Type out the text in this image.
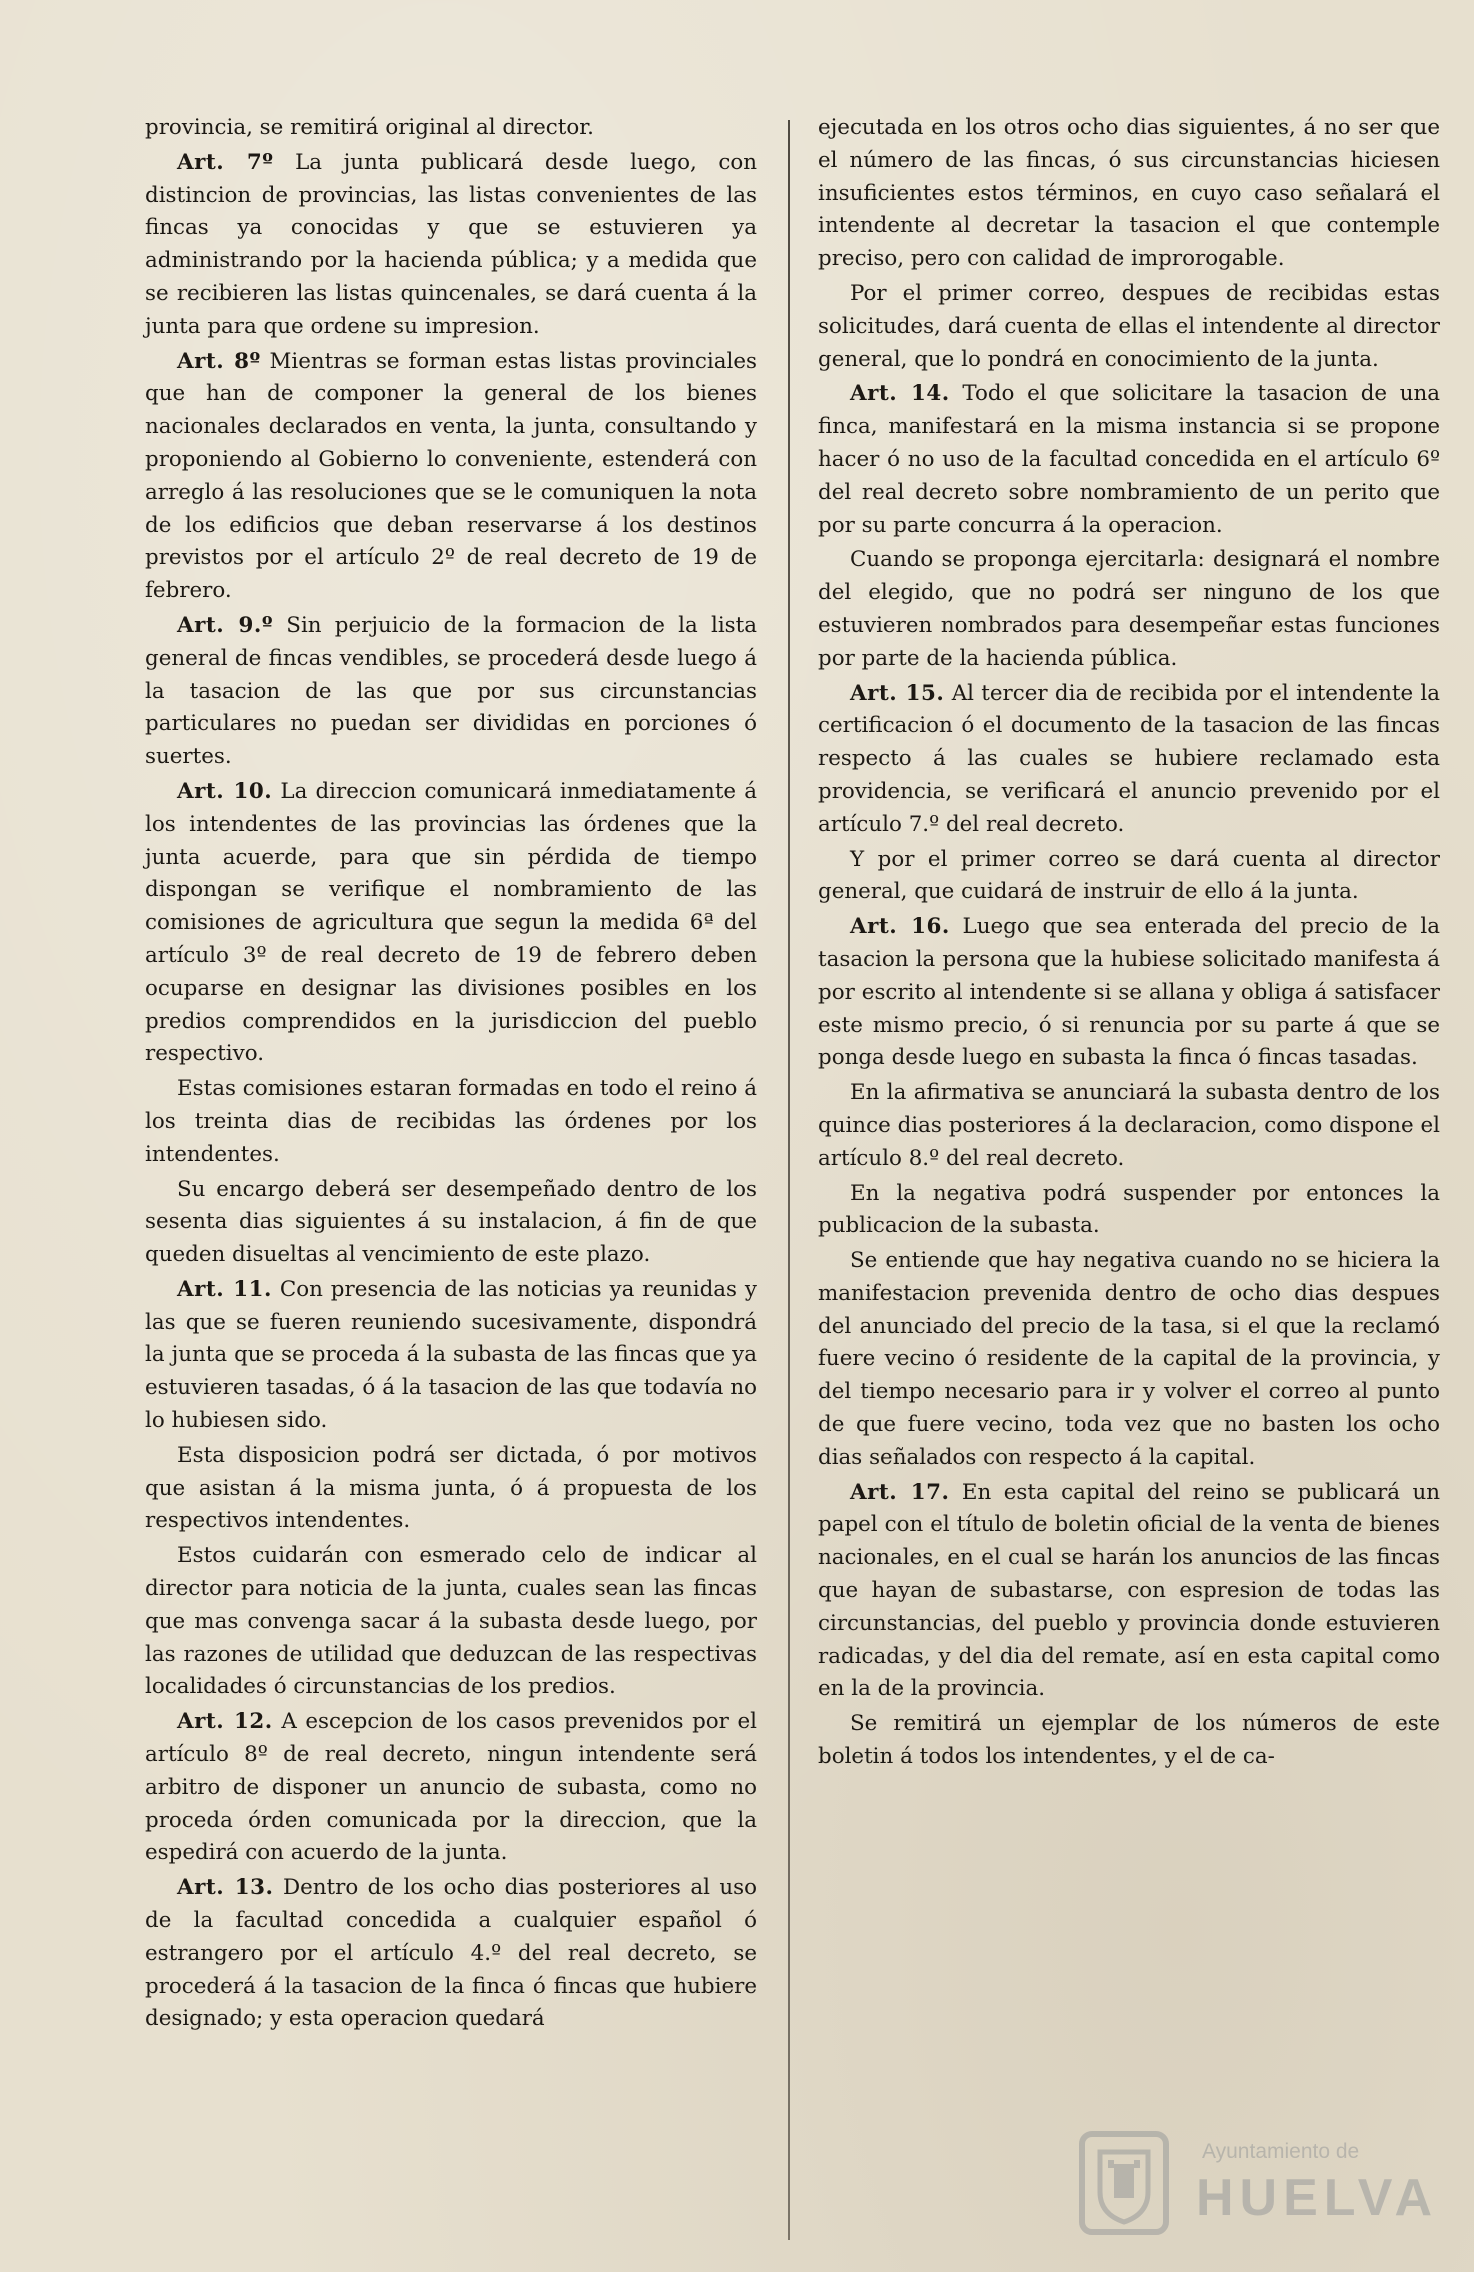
provincia, se remitirá original al director.

Art. 7º La junta publicará desde luego, con distincion de provincias, las listas convenientes de las fincas ya conocidas y que se estuvieren ya administrando por la hacienda pública; y a medida que se recibieren las listas quincenales, se dará cuenta á la junta para que ordene su impresion.

Art. 8º Mientras se forman estas listas provinciales que han de componer la general de los bienes nacionales declarados en venta, la junta, consultando y proponiendo al Gobierno lo conveniente, estenderá con arreglo á las resoluciones que se le comuniquen la nota de los edificios que deban reservarse á los destinos previstos por el artículo 2º de real decreto de 19 de febrero.

Art. 9.º Sin perjuicio de la formacion de la lista general de fincas vendibles, se procederá desde luego á la tasacion de las que por sus circunstancias particulares no puedan ser divididas en porciones ó suertes.

Art. 10. La direccion comunicará inmediatamente á los intendentes de las provincias las órdenes que la junta acuerde, para que sin pérdida de tiempo dispongan se verifique el nombramiento de las comisiones de agricultura que segun la medida 6ª del artículo 3º de real decreto de 19 de febrero deben ocuparse en designar las divisiones posibles en los predios comprendidos en la jurisdiccion del pueblo respectivo.

Estas comisiones estaran formadas en todo el reino á los treinta dias de recibidas las órdenes por los intendentes.

Su encargo deberá ser desempeñado dentro de los sesenta dias siguientes á su instalacion, á fin de que queden disueltas al vencimiento de este plazo.

Art. 11. Con presencia de las noticias ya reunidas y las que se fueren reuniendo sucesivamente, dispondrá la junta que se proceda á la subasta de las fincas que ya estuvieren tasadas, ó á la tasacion de las que todavía no lo hubiesen sido.

Esta disposicion podrá ser dictada, ó por motivos que asistan á la misma junta, ó á propuesta de los respectivos intendentes.

Estos cuidarán con esmerado celo de indicar al director para noticia de la junta, cuales sean las fincas que mas convenga sacar á la subasta desde luego, por las razones de utilidad que deduzcan de las respectivas localidades ó circunstancias de los predios.

Art. 12. A escepcion de los casos prevenidos por el artículo 8º de real decreto, ningun intendente será arbitro de disponer un anuncio de subasta, como no proceda órden comunicada por la direccion, que la espedirá con acuerdo de la junta.

Art. 13. Dentro de los ocho dias posteriores al uso de la facultad concedida a cualquier español ó estrangero por el artículo 4.º del real decreto, se procederá á la tasacion de la finca ó fincas que hubiere designado; y esta operacion quedará

ejecutada en los otros ocho dias siguientes, á no ser que el número de las fincas, ó sus circunstancias hiciesen insuficientes estos términos, en cuyo caso señalará el intendente al decretar la tasacion el que contemple preciso, pero con calidad de improrogable.

Por el primer correo, despues de recibidas estas solicitudes, dará cuenta de ellas el intendente al director general, que lo pondrá en conocimiento de la junta.

Art. 14. Todo el que solicitare la tasacion de una finca, manifestará en la misma instancia si se propone hacer ó no uso de la facultad concedida en el artículo 6º del real decreto sobre nombramiento de un perito que por su parte concurra á la operacion.

Cuando se proponga ejercitarla: designará el nombre del elegido, que no podrá ser ninguno de los que estuvieren nombrados para desempeñar estas funciones por parte de la hacienda pública.

Art. 15. Al tercer dia de recibida por el intendente la certificacion ó el documento de la tasacion de las fincas respecto á las cuales se hubiere reclamado esta providencia, se verificará el anuncio prevenido por el artículo 7.º del real decreto.

Y por el primer correo se dará cuenta al director general, que cuidará de instruir de ello á la junta.

Art. 16. Luego que sea enterada del precio de la tasacion la persona que la hubiese solicitado manifesta á por escrito al intendente si se allana y obliga á satisfacer este mismo precio, ó si renuncia por su parte á que se ponga desde luego en subasta la finca ó fincas tasadas.

En la afirmativa se anunciará la subasta dentro de los quince dias posteriores á la declaracion, como dispone el artículo 8.º del real decreto.

En la negativa podrá suspender por entonces la publicacion de la subasta.

Se entiende que hay negativa cuando no se hiciera la manifestacion prevenida dentro de ocho dias despues del anunciado del precio de la tasa, si el que la reclamó fuere vecino ó residente de la capital de la provincia, y del tiempo necesario para ir y volver el correo al punto de que fuere vecino, toda vez que no basten los ocho dias señalados con respecto á la capital.

Art. 17. En esta capital del reino se publicará un papel con el título de boletin oficial de la venta de bienes nacionales, en el cual se harán los anuncios de las fincas que hayan de subastarse, con espresion de todas las circunstancias, del pueblo y provincia donde estuvieren radicadas, y del dia del remate, así en esta capital como en la de la provincia.

Se remitirá un ejemplar de los números de este boletin á todos los intendentes, y el de ca-

Ayuntamiento de
HUELVA
